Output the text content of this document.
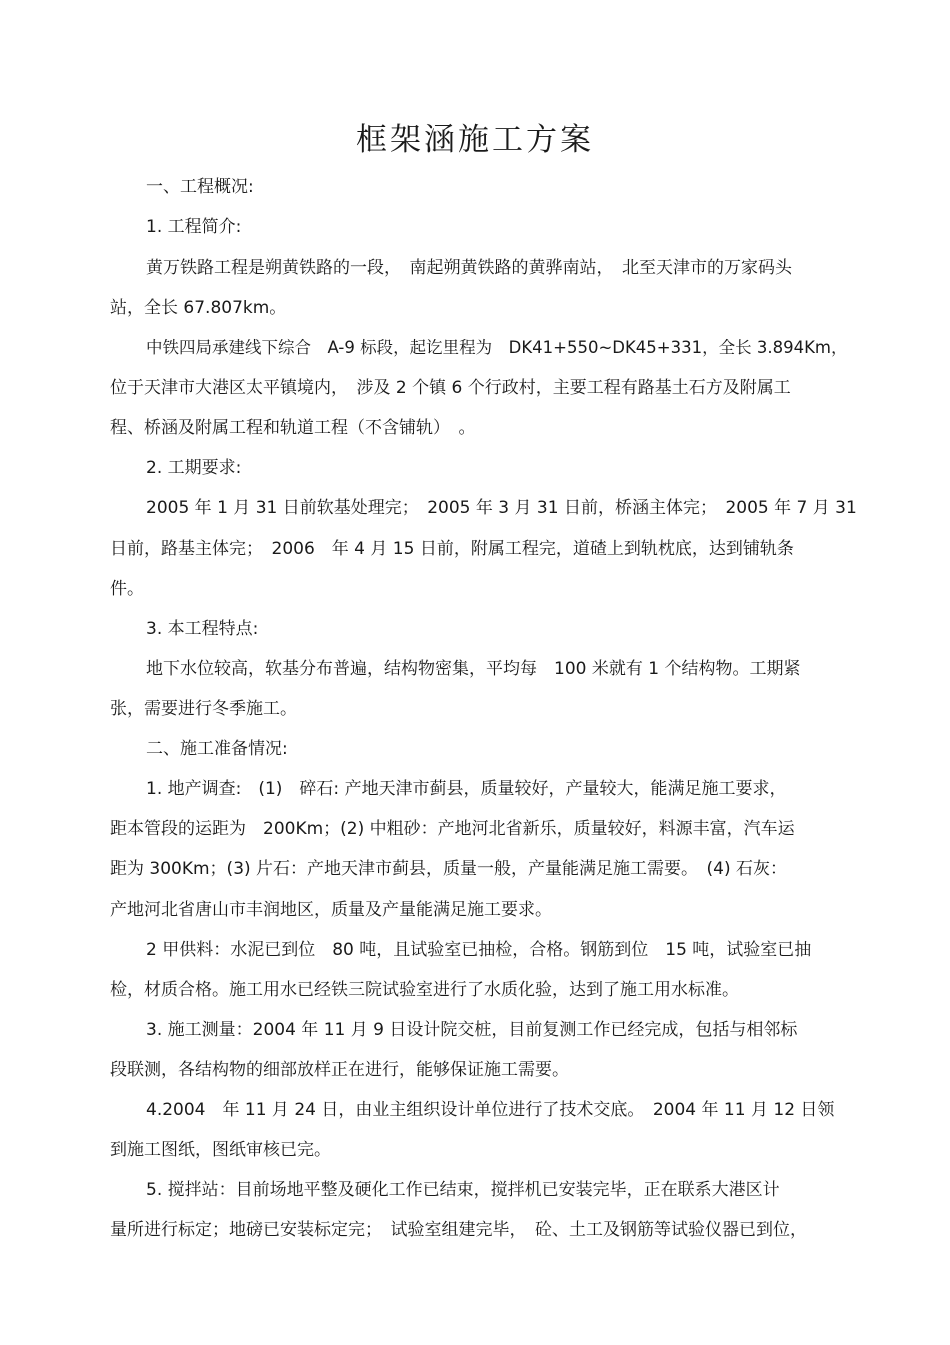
框架涵施工方案
一、工程概况:
1. 工程简介:
黄万铁路工程是朔黄铁路的一段，　南起朔黄铁路的黄骅南站，　北至天津市的万家码头
站，全长 67.807km。
中铁四局承建线下综合　A-9 标段，起讫里程为　DK41+550~DK45+331，全长 3.894Km，
位于天津市大港区太平镇境内，　涉及 2 个镇 6 个行政村，主要工程有路基土石方及附属工
程、桥涵及附属工程和轨道工程（不含铺轨）　。
2. 工期要求:
2005 年 1 月 31 日前软基处理完；　2005 年 3 月 31 日前，桥涵主体完；　2005 年 7 月 31
日前，路基主体完；　2006　年 4 月 15 日前，附属工程完，道碴上到轨枕底，达到铺轨条
件。
3. 本工程特点:
地下水位较高，软基分布普遍，结构物密集，平均每　100 米就有 1 个结构物。工期紧
张，需要进行冬季施工。
二、施工准备情况:
1. 地产调查:　(1)　碎石: 产地天津市蓟县，质量较好，产量较大，能满足施工要求，
距本管段的运距为　200Km；(2) 中粗砂：产地河北省新乐，质量较好，料源丰富，汽车运
距为 300Km；(3) 片石：产地天津市蓟县，质量一般，产量能满足施工需要。　(4) 石灰：
产地河北省唐山市丰润地区，质量及产量能满足施工要求。
2 甲供料：水泥已到位　80 吨，且试验室已抽检，合格。钢筋到位　15 吨，试验室已抽
检，材质合格。施工用水已经铁三院试验室进行了水质化验，达到了施工用水标准。
3. 施工测量：2004 年 11 月 9 日设计院交桩，目前复测工作已经完成，包括与相邻标
段联测，各结构物的细部放样正在进行，能够保证施工需要。
4.2004　年 11 月 24 日，由业主组织设计单位进行了技术交底。　2004 年 11 月 12 日领
到施工图纸，图纸审核已完。
5. 搅拌站：目前场地平整及硬化工作已结束，搅拌机已安装完毕，正在联系大港区计
量所进行标定；地磅已安装标定完；　试验室组建完毕，　砼、土工及钢筋等试验仪器已到位，
